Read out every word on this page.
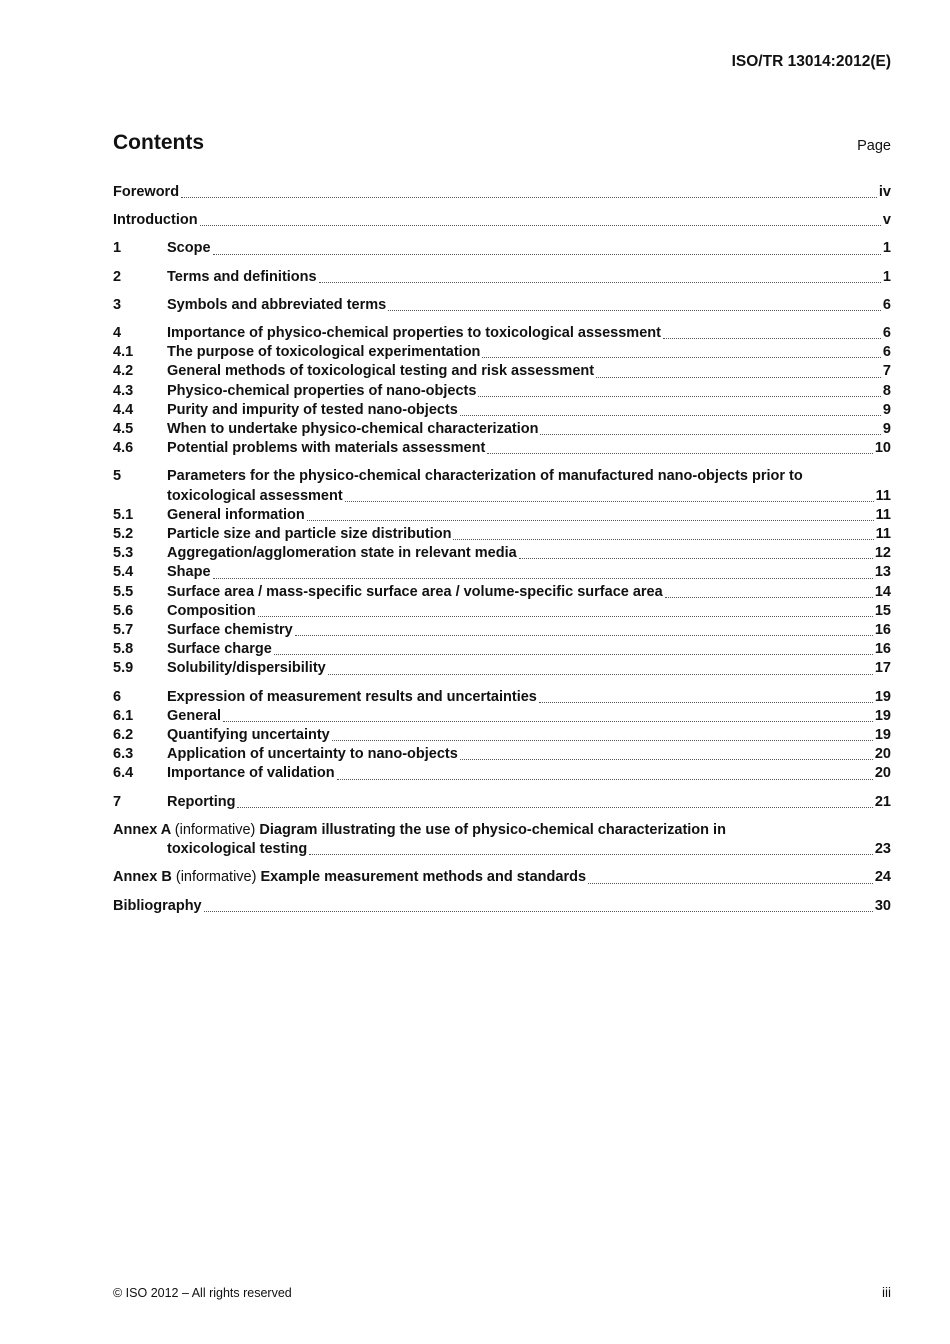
ISO/TR 13014:2012(E)
Contents	Page
Foreword	iv
Introduction	v
1	Scope	1
2	Terms and definitions	1
3	Symbols and abbreviated terms	6
4	Importance of physico-chemical properties to toxicological assessment	6
4.1 The purpose of toxicological experimentation	6
4.2 General methods of toxicological testing and risk assessment	7
4.3 Physico-chemical properties of nano-objects	8
4.4 Purity and impurity of tested nano-objects	9
4.5 When to undertake physico-chemical characterization	9
4.6 Potential problems with materials assessment	10
5	Parameters for the physico-chemical characterization of manufactured nano-objects prior to
toxicological assessment	11
5.1 General information	11
5.2 Particle size and particle size distribution	11
5.3 Aggregation/agglomeration state in relevant media	12
5.4 Shape	13
5.5 Surface area / mass-specific surface area / volume-specific surface area	14
5.6 Composition	15
5.7 Surface chemistry	16
5.8 Surface charge	16
5.9 Solubility/dispersibility	17
6	Expression of measurement results and uncertainties	19
6.1 General	19
6.2 Quantifying uncertainty	19
6.3 Application of uncertainty to nano-objects	20
6.4 Importance of validation	20
7	Reporting	21
Annex A (informative) Diagram illustrating the use of physico-chemical characterization in
toxicological testing	23
Annex B (informative) Example measurement methods and standards	24
Bibliography	30
© ISO 2012 – All rights reserved	iii
